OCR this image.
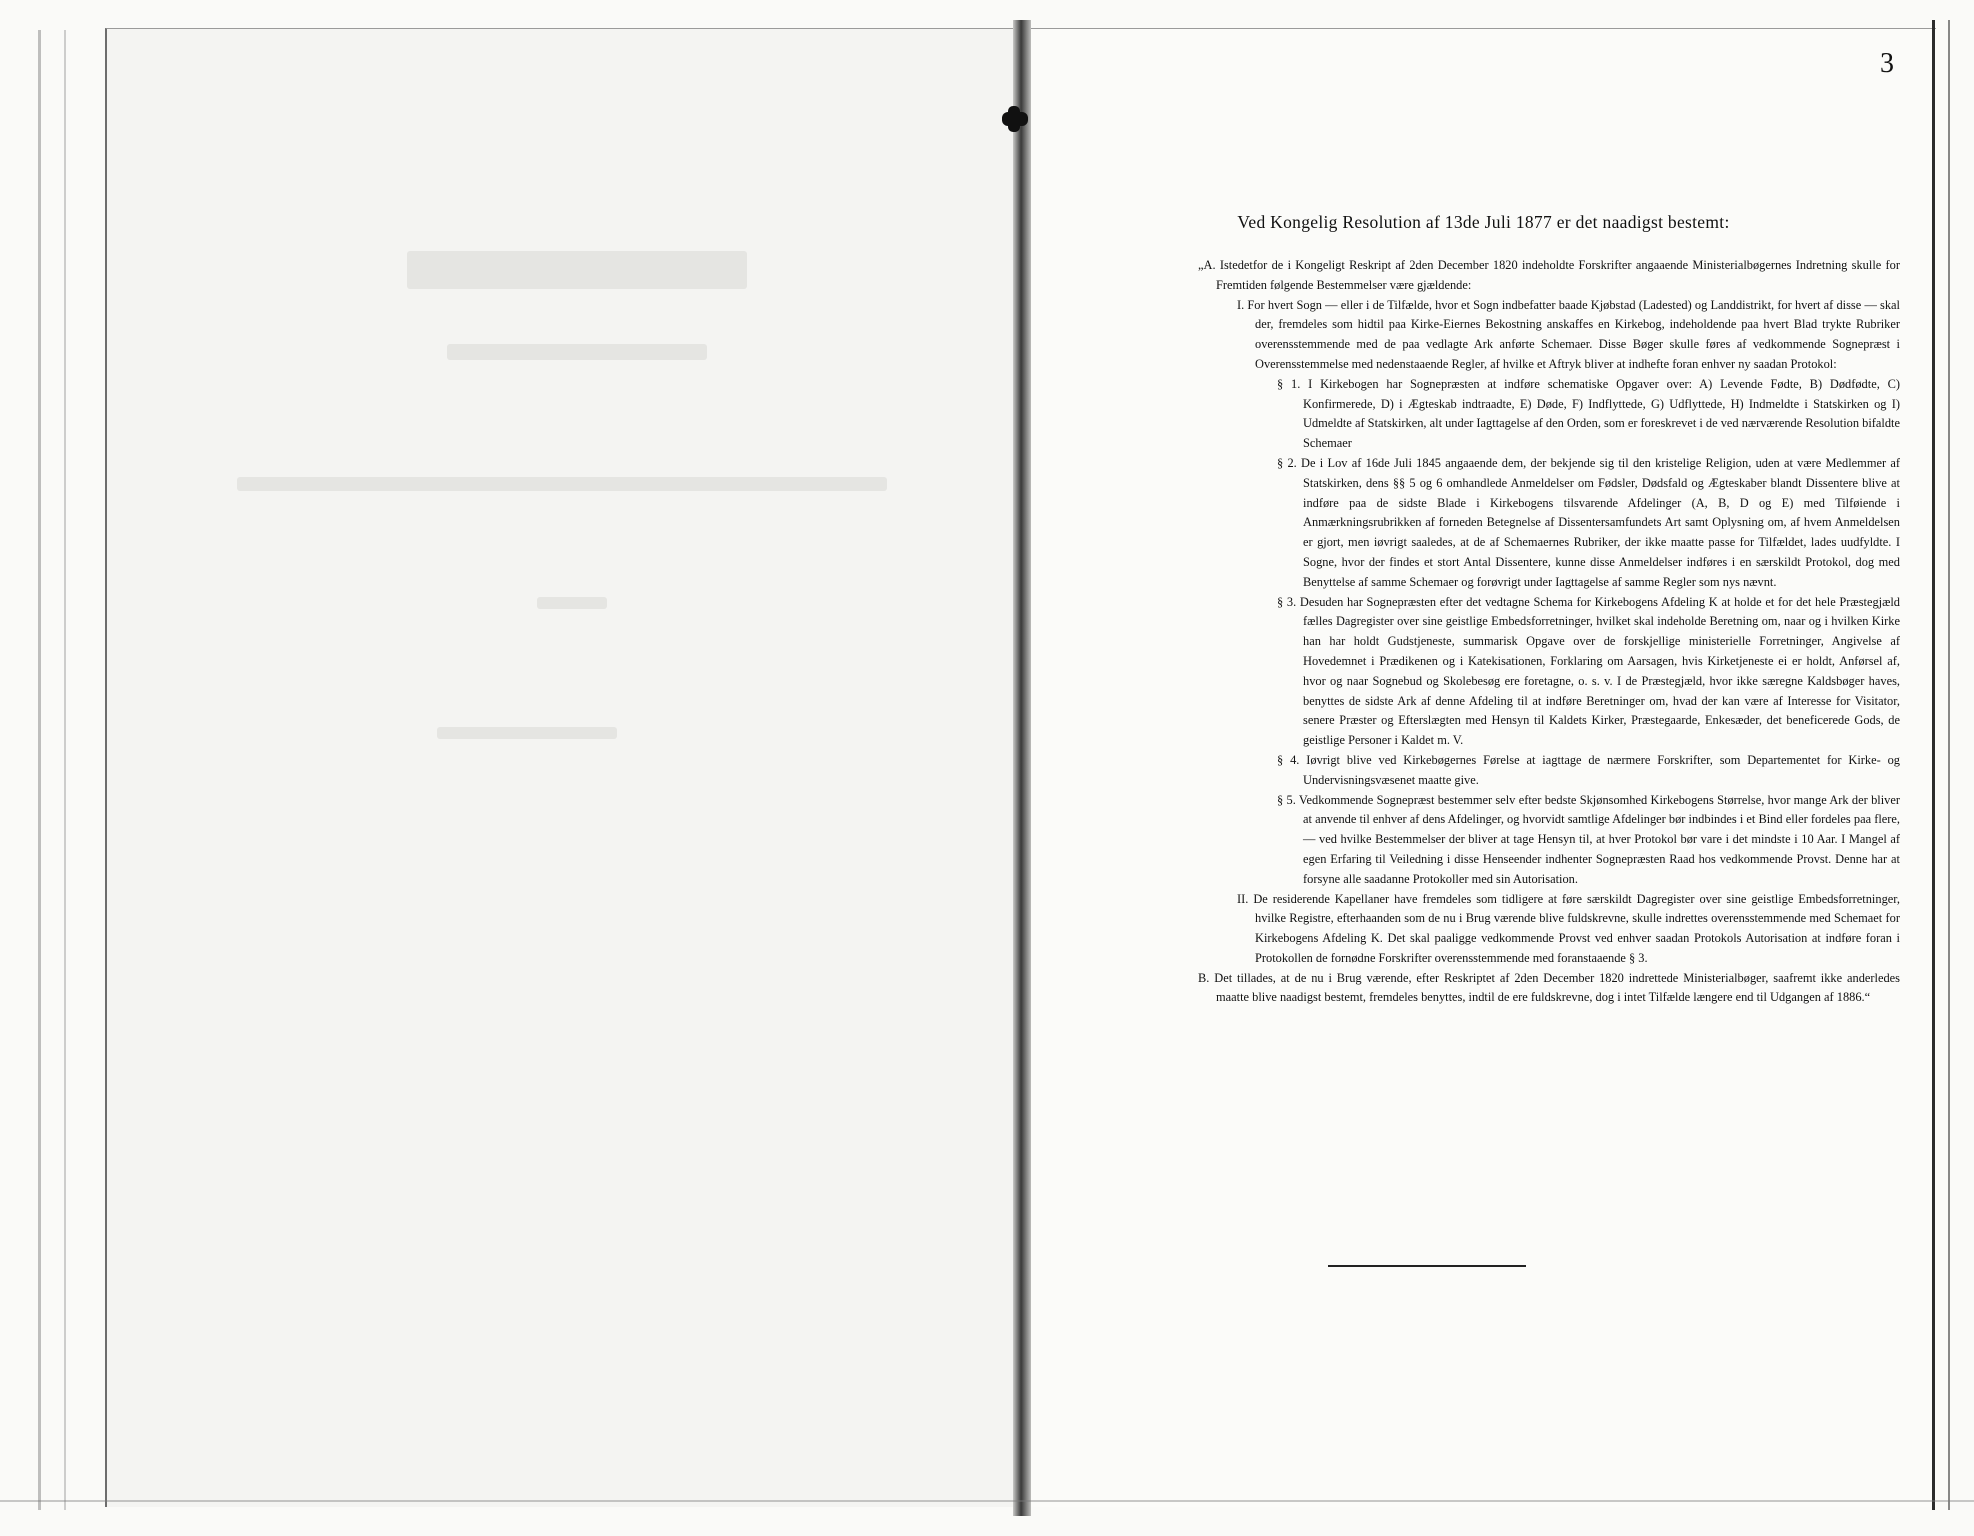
3
Ved Kongelig Resolution af 13de Juli 1877 er det naadigst bestemt:

„A. Istedetfor de i Kongeligt Reskript af 2den December 1820 indeholdte Forskrifter angaaende Ministerialbøgernes Indretning skulle for Fremtiden følgende Bestemmelser være gjældende:

I. For hvert Sogn — eller i de Tilfælde, hvor et Sogn indbefatter baade Kjøbstad (Ladested) og Landdistrikt, for hvert af disse — skal der, fremdeles som hidtil paa Kirke-Eiernes Bekostning anskaffes en Kirkebog, indeholdende paa hvert Blad trykte Rubriker overensstemmende med de paa vedlagte Ark anførte Schemaer. Disse Bøger skulle føres af vedkommende Sognepræst i Overensstemmelse med nedenstaaende Regler, af hvilke et Aftryk bliver at indhefte foran enhver ny saadan Protokol:

§ 1. I Kirkebogen har Sognepræsten at indføre schematiske Opgaver over: A) Levende Fødte, B) Dødfødte, C) Konfirmerede, D) i Ægteskab indtraadte, E) Døde, F) Indflyttede, G) Udflyttede, H) Indmeldte i Statskirken og I) Udmeldte af Statskirken, alt under Iagttagelse af den Orden, som er foreskrevet i de ved nærværende Resolution bifaldte Schemaer

§ 2. De i Lov af 16de Juli 1845 angaaende dem, der bekjende sig til den kristelige Religion, uden at være Medlemmer af Statskirken, dens §§ 5 og 6 omhandlede Anmeldelser om Fødsler, Dødsfald og Ægteskaber blandt Dissentere blive at indføre paa de sidste Blade i Kirkebogens tilsvarende Afdelinger (A, B, D og E) med Tilføiende i Anmærkningsrubrikken af forneden Betegnelse af Dissentersamfundets Art samt Oplysning om, af hvem Anmeldelsen er gjort, men iøvrigt saaledes, at de af Schemaernes Rubriker, der ikke maatte passe for Tilfældet, lades uudfyldte. I Sogne, hvor der findes et stort Antal Dissentere, kunne disse Anmeldelser indføres i en særskildt Protokol, dog med Benyttelse af samme Schemaer og forøvrigt under Iagttagelse af samme Regler som nys nævnt.

§ 3. Desuden har Sognepræsten efter det vedtagne Schema for Kirkebogens Afdeling K at holde et for det hele Præstegjæld fælles Dagregister over sine geistlige Embedsforretninger, hvilket skal indeholde Beretning om, naar og i hvilken Kirke han har holdt Gudstjeneste, summarisk Opgave over de forskjellige ministerielle Forretninger, Angivelse af Hovedemnet i Prædikenen og i Katekisationen, Forklaring om Aarsagen, hvis Kirketjeneste ei er holdt, Anførsel af, hvor og naar Sognebud og Skolebesøg ere foretagne, o. s. v. I de Præstegjæld, hvor ikke særegne Kaldsbøger haves, benyttes de sidste Ark af denne Afdeling til at indføre Beretninger om, hvad der kan være af Interesse for Visitator, senere Præster og Efterslægten med Hensyn til Kaldets Kirker, Præstegaarde, Enkesæder, det beneficerede Gods, de geistlige Personer i Kaldet m. V.

§ 4. Iøvrigt blive ved Kirkebøgernes Førelse at iagttage de nærmere Forskrifter, som Departementet for Kirke- og Undervisningsvæsenet maatte give.

§ 5. Vedkommende Sognepræst bestemmer selv efter bedste Skjønsomhed Kirkebogens Størrelse, hvor mange Ark der bliver at anvende til enhver af dens Afdelinger, og hvorvidt samtlige Afdelinger bør indbindes i et Bind eller fordeles paa flere, — ved hvilke Bestemmelser der bliver at tage Hensyn til, at hver Protokol bør vare i det mindste i 10 Aar. I Mangel af egen Erfaring til Veiledning i disse Henseender indhenter Sognepræsten Raad hos vedkommende Provst. Denne har at forsyne alle saadanne Protokoller med sin Autorisation.

II. De residerende Kapellaner have fremdeles som tidligere at føre særskildt Dagregister over sine geistlige Embedsforretninger, hvilke Registre, efterhaanden som de nu i Brug værende blive fuldskrevne, skulle indrettes overensstemmende med Schemaet for Kirkebogens Afdeling K. Det skal paaligge vedkommende Provst ved enhver saadan Protokols Autorisation at indføre foran i Protokollen de fornødne Forskrifter overensstemmende med foranstaaende § 3.

B. Det tillades, at de nu i Brug værende, efter Reskriptet af 2den December 1820 indrettede Ministerialbøger, saafremt ikke anderledes maatte blive naadigst bestemt, fremdeles benyttes, indtil de ere fuldskrevne, dog i intet Tilfælde længere end til Udgangen af 1886.“
